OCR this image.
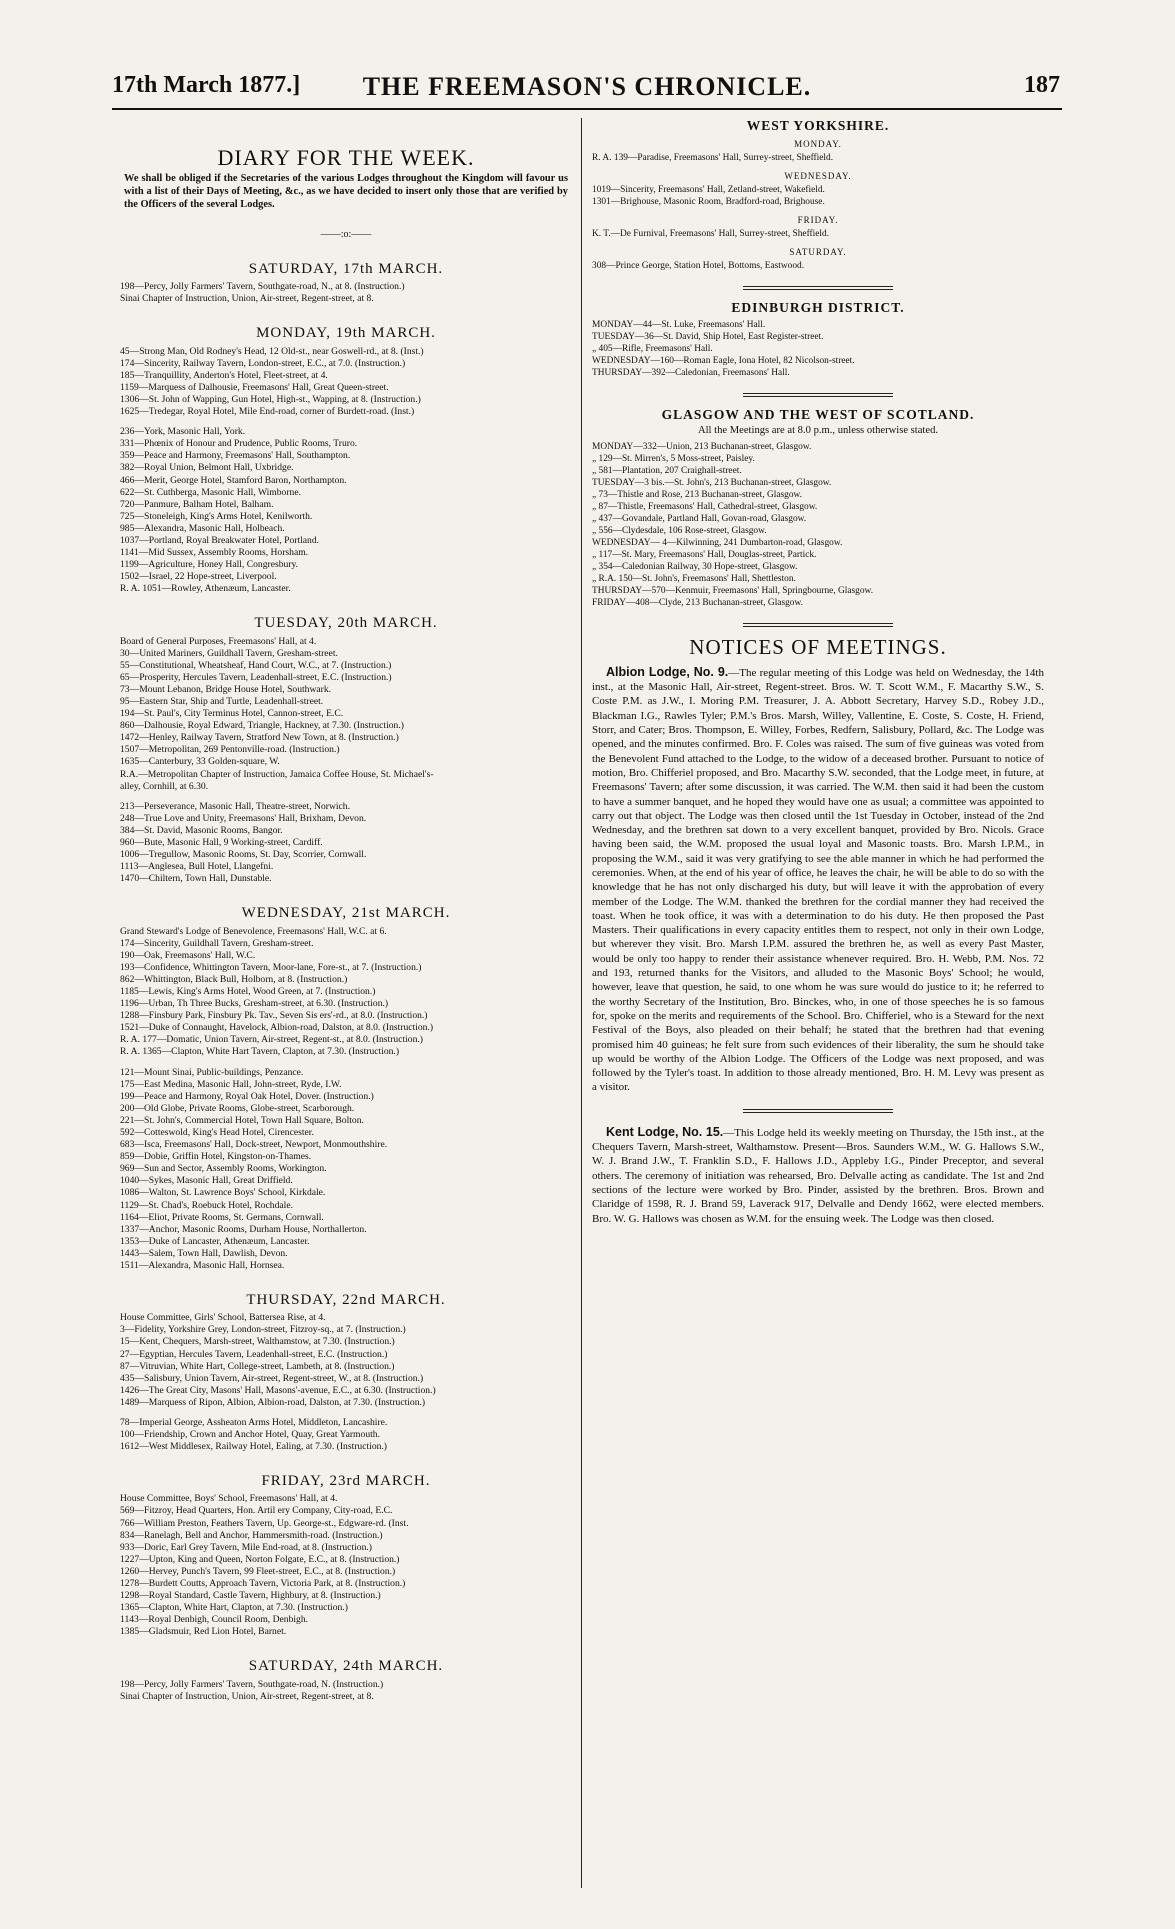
17th March 1877.]	THE FREEMASON'S CHRONICLE.	187
DIARY FOR THE WEEK.
We shall be obliged if the Secretaries of the various Lodges throughout the Kingdom will favour us with a list of their Days of Meeting, &c., as we have decided to insert only those that are verified by the Officers of the several Lodges.
——:o:——
SATURDAY, 17th MARCH.
198—Percy, Jolly Farmers' Tavern, Southgate-road, N., at 8. (Instruction.)
Sinai Chapter of Instruction, Union, Air-street, Regent-street, at 8.
MONDAY, 19th MARCH.
45—Strong Man, Old Rodney's Head, 12 Old-st., near Goswell-rd., at 8. (Inst.)
174—Sincerity, Railway Tavern, London-street, E.C., at 7.0. (Instruction.)
185—Tranquillity, Anderton's Hotel, Fleet-street, at 4.
1159—Marquess of Dalhousie, Freemasons' Hall, Great Queen-street.
1306—St. John of Wapping, Gun Hotel, High-st., Wapping, at 8. (Instruction.)
1625—Tredegar, Royal Hotel, Mile End-road, corner of Burdett-road. (Inst.)
236—York, Masonic Hall, York.
331—Phœnix of Honour and Prudence, Public Rooms, Truro.
359—Peace and Harmony, Freemasons' Hall, Southampton.
382—Royal Union, Belmont Hall, Uxbridge.
466—Merit, George Hotel, Stamford Baron, Northampton.
622—St. Cuthberga, Masonic Hall, Wimborne.
720—Panmure, Balham Hotel, Balham.
725—Stoneleigh, King's Arms Hotel, Kenilworth.
985—Alexandra, Masonic Hall, Holbeach.
1037—Portland, Royal Breakwater Hotel, Portland.
1141—Mid Sussex, Assembly Rooms, Horsham.
1199—Agriculture, Honey Hall, Congresbury.
1502—Israel, 22 Hope-street, Liverpool.
R. A. 1051—Rowley, Athenæum, Lancaster.
TUESDAY, 20th MARCH.
Board of General Purposes, Freemasons' Hall, at 4.
30—United Mariners, Guildhall Tavern, Gresham-street.
55—Constitutional, Wheatsheaf, Hand Court, W.C., at 7. (Instruction.)
65—Prosperity, Hercules Tavern, Leadenhall-street, E.C. (Instruction.)
73—Mount Lebanon, Bridge House Hotel, Southwark.
95—Eastern Star, Ship and Turtle, Leadenhall-street.
194—St. Paul's, City Terminus Hotel, Cannon-street, E.C.
860—Dalhousie, Royal Edward, Triangle, Hackney, at 7.30. (Instruction.)
1472—Henley, Railway Tavern, Stratford New Town, at 8. (Instruction.)
1507—Metropolitan, 269 Pentonville-road. (Instruction.)
1635—Canterbury, 33 Golden-square, W.
R.A.—Metropolitan Chapter of Instruction, Jamaica Coffee House, St. Michael's-
alley, Cornhill, at 6.30.
213—Perseverance, Masonic Hall, Theatre-street, Norwich.
248—True Love and Unity, Freemasons' Hall, Brixham, Devon.
384—St. David, Masonic Rooms, Bangor.
960—Bute, Masonic Hall, 9 Working-street, Cardiff.
1006—Tregullow, Masonic Rooms, St. Day, Scorrier, Cornwall.
1113—Anglesea, Bull Hotel, Llangefni.
1470—Chiltern, Town Hall, Dunstable.
WEDNESDAY, 21st MARCH.
Grand Steward's Lodge of Benevolence, Freemasons' Hall, W.C. at 6.
174—Sincerity, Guildhall Tavern, Gresham-street.
190—Oak, Freemasons' Hall, W.C.
193—Confidence, Whittington Tavern, Moor-lane, Fore-st., at 7. (Instruction.)
862—Whittington, Black Bull, Holborn, at 8. (Instruction.)
1185—Lewis, King's Arms Hotel, Wood Green, at 7. (Instruction.)
1196—Urban, Th Three Bucks, Gresham-street, at 6.30. (Instruction.)
1288—Finsbury Park, Finsbury Pk. Tav., Seven Sis ers'-rd., at 8.0. (Instruction.)
1521—Duke of Connaught, Havelock, Albion-road, Dalston, at 8.0. (Instruction.)
R. A. 177—Domatic, Union Tavern, Air-street, Regent-st., at 8.0. (Instruction.)
R. A. 1365—Clapton, White Hart Tavern, Clapton, at 7.30. (Instruction.)
121—Mount Sinai, Public-buildings, Penzance.
175—East Medina, Masonic Hall, John-street, Ryde, I.W.
199—Peace and Harmony, Royal Oak Hotel, Dover. (Instruction.)
200—Old Globe, Private Rooms, Globe-street, Scarborough.
221—St. John's, Commercial Hotel, Town Hall Square, Bolton.
592—Cotteswold, King's Head Hotel, Cirencester.
683—Isca, Freemasons' Hall, Dock-street, Newport, Monmouthshire.
859—Dobie, Griffin Hotel, Kingston-on-Thames.
969—Sun and Sector, Assembly Rooms, Workington.
1040—Sykes, Masonic Hall, Great Driffield.
1086—Walton, St. Lawrence Boys' School, Kirkdale.
1129—St. Chad's, Roebuck Hotel, Rochdale.
1164—Eliot, Private Rooms, St. Germans, Cornwall.
1337—Anchor, Masonic Rooms, Durham House, Northallerton.
1353—Duke of Lancaster, Athenæum, Lancaster.
1443—Salem, Town Hall, Dawlish, Devon.
1511—Alexandra, Masonic Hall, Hornsea.
THURSDAY, 22nd MARCH.
House Committee, Girls' School, Battersea Rise, at 4.
3—Fidelity, Yorkshire Grey, London-street, Fitzroy-sq., at 7. (Instruction.)
15—Kent, Chequers, Marsh-street, Walthamstow, at 7.30. (Instruction.)
27—Egyptian, Hercules Tavern, Leadenhall-street, E.C. (Instruction.)
87—Vitruvian, White Hart, College-street, Lambeth, at 8. (Instruction.)
435—Salisbury, Union Tavern, Air-street, Regent-street, W., at 8. (Instruction.)
1426—The Great City, Masons' Hall, Masons'-avenue, E.C., at 6.30. (Instruction.)
1489—Marquess of Ripon, Albion, Albion-road, Dalston, at 7.30. (Instruction.)
78—Imperial George, Assheaton Arms Hotel, Middleton, Lancashire.
100—Friendship, Crown and Anchor Hotel, Quay, Great Yarmouth.
1612—West Middlesex, Railway Hotel, Ealing, at 7.30. (Instruction.)
FRIDAY, 23rd MARCH.
House Committee, Boys' School, Freemasons' Hall, at 4.
569—Fitzroy, Head Quarters, Hon. Artil ery Company, City-road, E.C.
766—William Preston, Feathers Tavern, Up. George-st., Edgware-rd. (Inst.
834—Ranelagh, Bell and Anchor, Hammersmith-road. (Instruction.)
933—Doric, Earl Grey Tavern, Mile End-road, at 8. (Instruction.)
1227—Upton, King and Queen, Norton Folgate, E.C., at 8. (Instruction.)
1260—Hervey, Punch's Tavern, 99 Fleet-street, E.C., at 8. (Instruction.)
1278—Burdett Coutts, Approach Tavern, Victoria Park, at 8. (Instruction.)
1298—Royal Standard, Castle Tavern, Highbury, at 8. (Instruction.)
1365—Clapton, White Hart, Clapton, at 7.30. (Instruction.)
1143—Royal Denbigh, Council Room, Denbigh.
1385—Gladsmuir, Red Lion Hotel, Barnet.
SATURDAY, 24th MARCH.
198—Percy, Jolly Farmers' Tavern, Southgate-road, N. (Instruction.)
Sinai Chapter of Instruction, Union, Air-street, Regent-street, at 8.
WEST YORKSHIRE.
MONDAY.
R. A. 139—Paradise, Freemasons' Hall, Surrey-street, Sheffield.
WEDNESDAY.
1019—Sincerity, Freemasons' Hall, Zetland-street, Wakefield.
1301—Brighouse, Masonic Room, Bradford-road, Brighouse.
FRIDAY.
K. T.—De Furnival, Freemasons' Hall, Surrey-street, Sheffield.
SATURDAY.
308—Prince George, Station Hotel, Bottoms, Eastwood.
EDINBURGH DISTRICT.
MONDAY—44—St. Luke, Freemasons' Hall.
TUESDAY—36—St. David, Ship Hotel, East Register-street.
„ 405—Rifle, Freemasons' Hall.
WEDNESDAY—160—Roman Eagle, Iona Hotel, 82 Nicolson-street.
THURSDAY—392—Caledonian, Freemasons' Hall.
GLASGOW AND THE WEST OF SCOTLAND.
All the Meetings are at 8.0 p.m., unless otherwise stated.
MONDAY—332—Union, 213 Buchanan-street, Glasgow.
„ 129—St. Mirren's, 5 Moss-street, Paisley.
„ 581—Plantation, 207 Craighall-street.
TUESDAY—3 bis.—St. John's, 213 Buchanan-street, Glasgow.
„ 73—Thistle and Rose, 213 Buchanan-street, Glasgow.
„ 87—Thistle, Freemasons' Hall, Cathedral-street, Glasgow.
„ 437—Govandale, Partland Hall, Govan-road, Glasgow.
„ 556—Clydesdale, 106 Rose-street, Glasgow.
WEDNESDAY— 4—Kilwinning, 241 Dumbarton-road, Glasgow.
„ 117—St. Mary, Freemasons' Hall, Douglas-street, Partick.
„ 354—Caledonian Railway, 30 Hope-street, Glasgow.
„ R.A. 150—St. John's, Freemasons' Hall, Shettleston.
THURSDAY—570—Kenmuir, Freemasons' Hall, Springbourne, Glasgow.
FRIDAY—408—Clyde, 213 Buchanan-street, Glasgow.
NOTICES OF MEETINGS.
Albion Lodge, No. 9.—The regular meeting of this Lodge was held on Wednesday, the 14th inst., at the Masonic Hall, Air-street, Regent-street. Bros. W. T. Scott W.M., F. Macarthy S.W., S. Coste P.M. as J.W., I. Moring P.M. Treasurer, J. A. Abbott Secretary, Harvey S.D., Robey J.D., Blackman I.G., Rawles Tyler; P.M.'s Bros. Marsh, Willey, Vallentine, E. Coste, S. Coste, H. Friend, Storr, and Cater; Bros. Thompson, E. Willey, Forbes, Redfern, Salisbury, Pollard, &c. The Lodge was opened, and the minutes confirmed. Bro. F. Coles was raised. The sum of five guineas was voted from the Benevolent Fund attached to the Lodge, to the widow of a deceased brother. Pursuant to notice of motion, Bro. Chifferiel proposed, and Bro. Macarthy S.W. seconded, that the Lodge meet, in future, at Freemasons' Tavern; after some discussion, it was carried. The W.M. then said it had been the custom to have a summer banquet, and he hoped they would have one as usual; a committee was appointed to carry out that object. The Lodge was then closed until the 1st Tuesday in October, instead of the 2nd Wednesday, and the brethren sat down to a very excellent banquet, provided by Bro. Nicols. Grace having been said, the W.M. proposed the usual loyal and Masonic toasts. Bro. Marsh I.P.M., in proposing the W.M., said it was very gratifying to see the able manner in which he had performed the ceremonies. When, at the end of his year of office, he leaves the chair, he will be able to do so with the knowledge that he has not only discharged his duty, but will leave it with the approbation of every member of the Lodge. The W.M. thanked the brethren for the cordial manner they had received the toast. When he took office, it was with a determination to do his duty. He then proposed the Past Masters. Their qualifications in every capacity entitles them to respect, not only in their own Lodge, but wherever they visit. Bro. Marsh I.P.M. assured the brethren he, as well as every Past Master, would be only too happy to render their assistance whenever required. Bro. H. Webb, P.M. Nos. 72 and 193, returned thanks for the Visitors, and alluded to the Masonic Boys' School; he would, however, leave that question, he said, to one whom he was sure would do justice to it; he referred to the worthy Secretary of the Institution, Bro. Binckes, who, in one of those speeches he is so famous for, spoke on the merits and requirements of the School. Bro. Chifferiel, who is a Steward for the next Festival of the Boys, also pleaded on their behalf; he stated that the brethren had that evening promised him 40 guineas; he felt sure from such evidences of their liberality, the sum he should take up would be worthy of the Albion Lodge. The Officers of the Lodge was next proposed, and was followed by the Tyler's toast. In addition to those already mentioned, Bro. H. M. Levy was present as a visitor.
Kent Lodge, No. 15.—This Lodge held its weekly meeting on Thursday, the 15th inst., at the Chequers Tavern, Marsh-street, Walthamstow. Present—Bros. Saunders W.M., W. G. Hallows S.W., W. J. Brand J.W., T. Franklin S.D., F. Hallows J.D., Appleby I.G., Pinder Preceptor, and several others. The ceremony of initiation was rehearsed, Bro. Delvalle acting as candidate. The 1st and 2nd sections of the lecture were worked by Bro. Pinder, assisted by the brethren. Bros. Brown and Claridge of 1598, R. J. Brand 59, Laverack 917, Delvalle and Dendy 1662, were elected members. Bro. W. G. Hallows was chosen as W.M. for the ensuing week. The Lodge was then closed.
